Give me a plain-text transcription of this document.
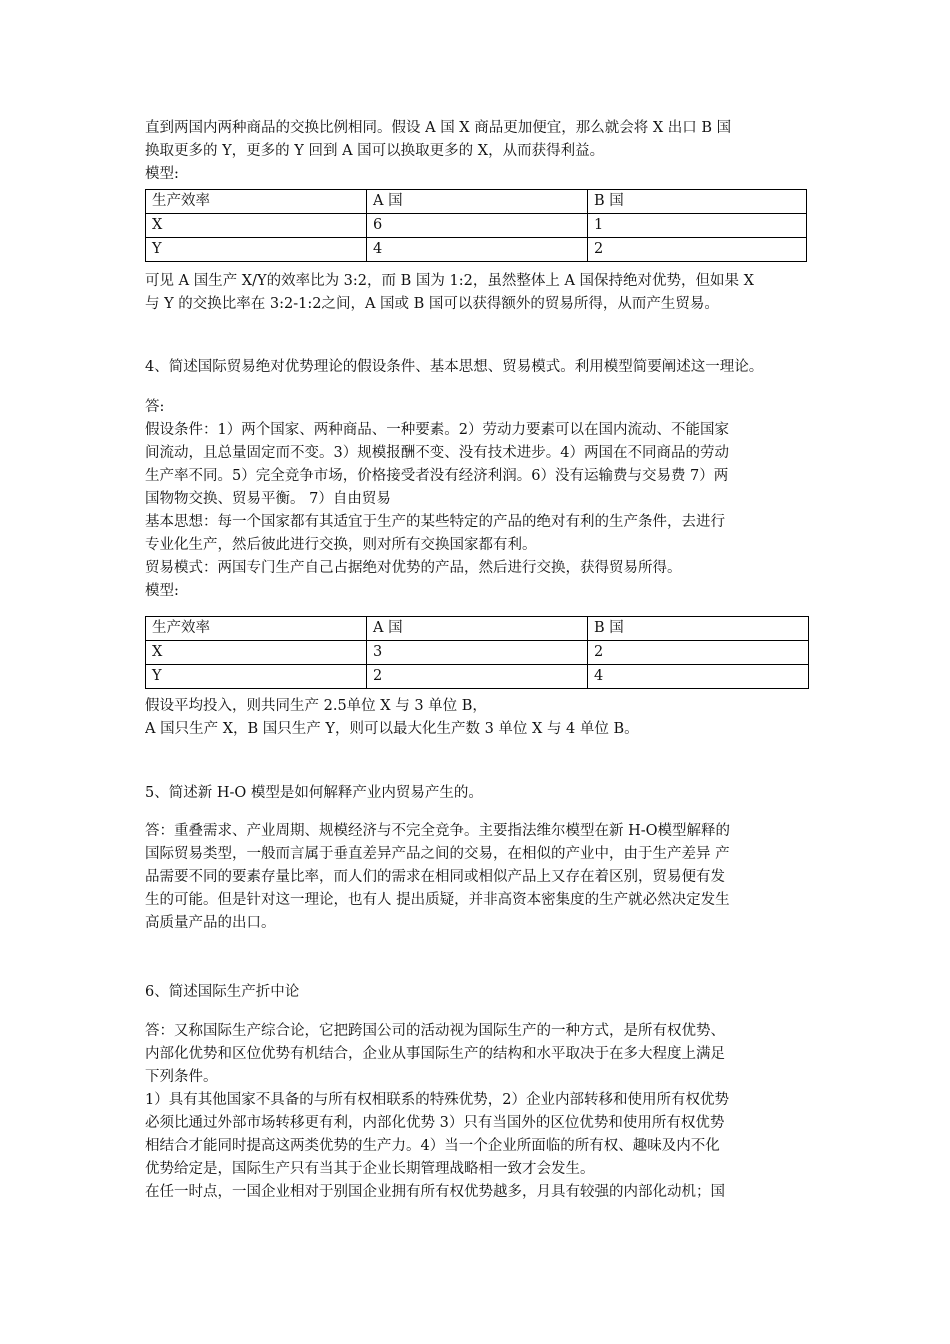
直到两国内两种商品的交换比例相同。假设 A 国 X 商品更加便宜，那么就会将 X 出口 B 国
换取更多的 Y，更多的 Y 回到 A 国可以换取更多的 X，从而获得利益。
模型:
生产效率	A 国	B 国
X	6	1
Y	4	2
可见 A 国生产 X/Y的效率比为 3:2，而 B 国为 1:2，虽然整体上 A 国保持绝对优势，但如果 X
与 Y 的交换比率在 3:2-1:2之间，A 国或 B 国可以获得额外的贸易所得，从而产生贸易。
4、简述国际贸易绝对优势理论的假设条件、基本思想、贸易模式。利用模型简要阐述这一理论。
答:
假设条件：1）两个国家、两种商品、一种要素。2）劳动力要素可以在国内流动、不能国家
间流动，且总量固定而不变。3）规模报酬不变、没有技术进步。4）两国在不同商品的劳动
生产率不同。5）完全竞争市场，价格接受者没有经济利润。6）没有运输费与交易费 7）两
国物物交换、贸易平衡。 7）自由贸易
基本思想：每一个国家都有其适宜于生产的某些特定的产品的绝对有利的生产条件，去进行
专业化生产，然后彼此进行交换，则对所有交换国家都有利。
贸易模式：两国专门生产自己占据绝对优势的产品，然后进行交换，获得贸易所得。
模型:
生产效率	A 国	B 国
X	3	2
Y	2	4
假设平均投入，则共同生产 2.5单位 X 与 3 单位 B，
A 国只生产 X，B 国只生产 Y，则可以最大化生产数 3 单位 X 与 4 单位 B。
5、简述新 H-O 模型是如何解释产业内贸易产生的。
答：重叠需求、产业周期、规模经济与不完全竞争。主要指法维尔模型在新 H-O模型解释的
国际贸易类型，一般而言属于垂直差异产品之间的交易，在相似的产业中，由于生产差异 产
品需要不同的要素存量比率，而人们的需求在相同或相似产品上又存在着区别，贸易便有发
生的可能。但是针对这一理论，也有人 提出质疑，并非高资本密集度的生产就必然决定发生
高质量产品的出口。
6、简述国际生产折中论
答：又称国际生产综合论，它把跨国公司的活动视为国际生产的一种方式，是所有权优势、
内部化优势和区位优势有机结合，企业从事国际生产的结构和水平取决于在多大程度上满足
下列条件。
1）具有其他国家不具备的与所有权相联系的特殊优势，2）企业内部转移和使用所有权优势
必须比通过外部市场转移更有利，内部化优势 3）只有当国外的区位优势和使用所有权优势
相结合才能同时提高这两类优势的生产力。4）当一个企业所面临的所有权、趣味及内不化
优势给定是，国际生产只有当其于企业长期管理战略相一致才会发生。
在任一时点，一国企业相对于别国企业拥有所有权优势越多，月具有较强的内部化动机；国
